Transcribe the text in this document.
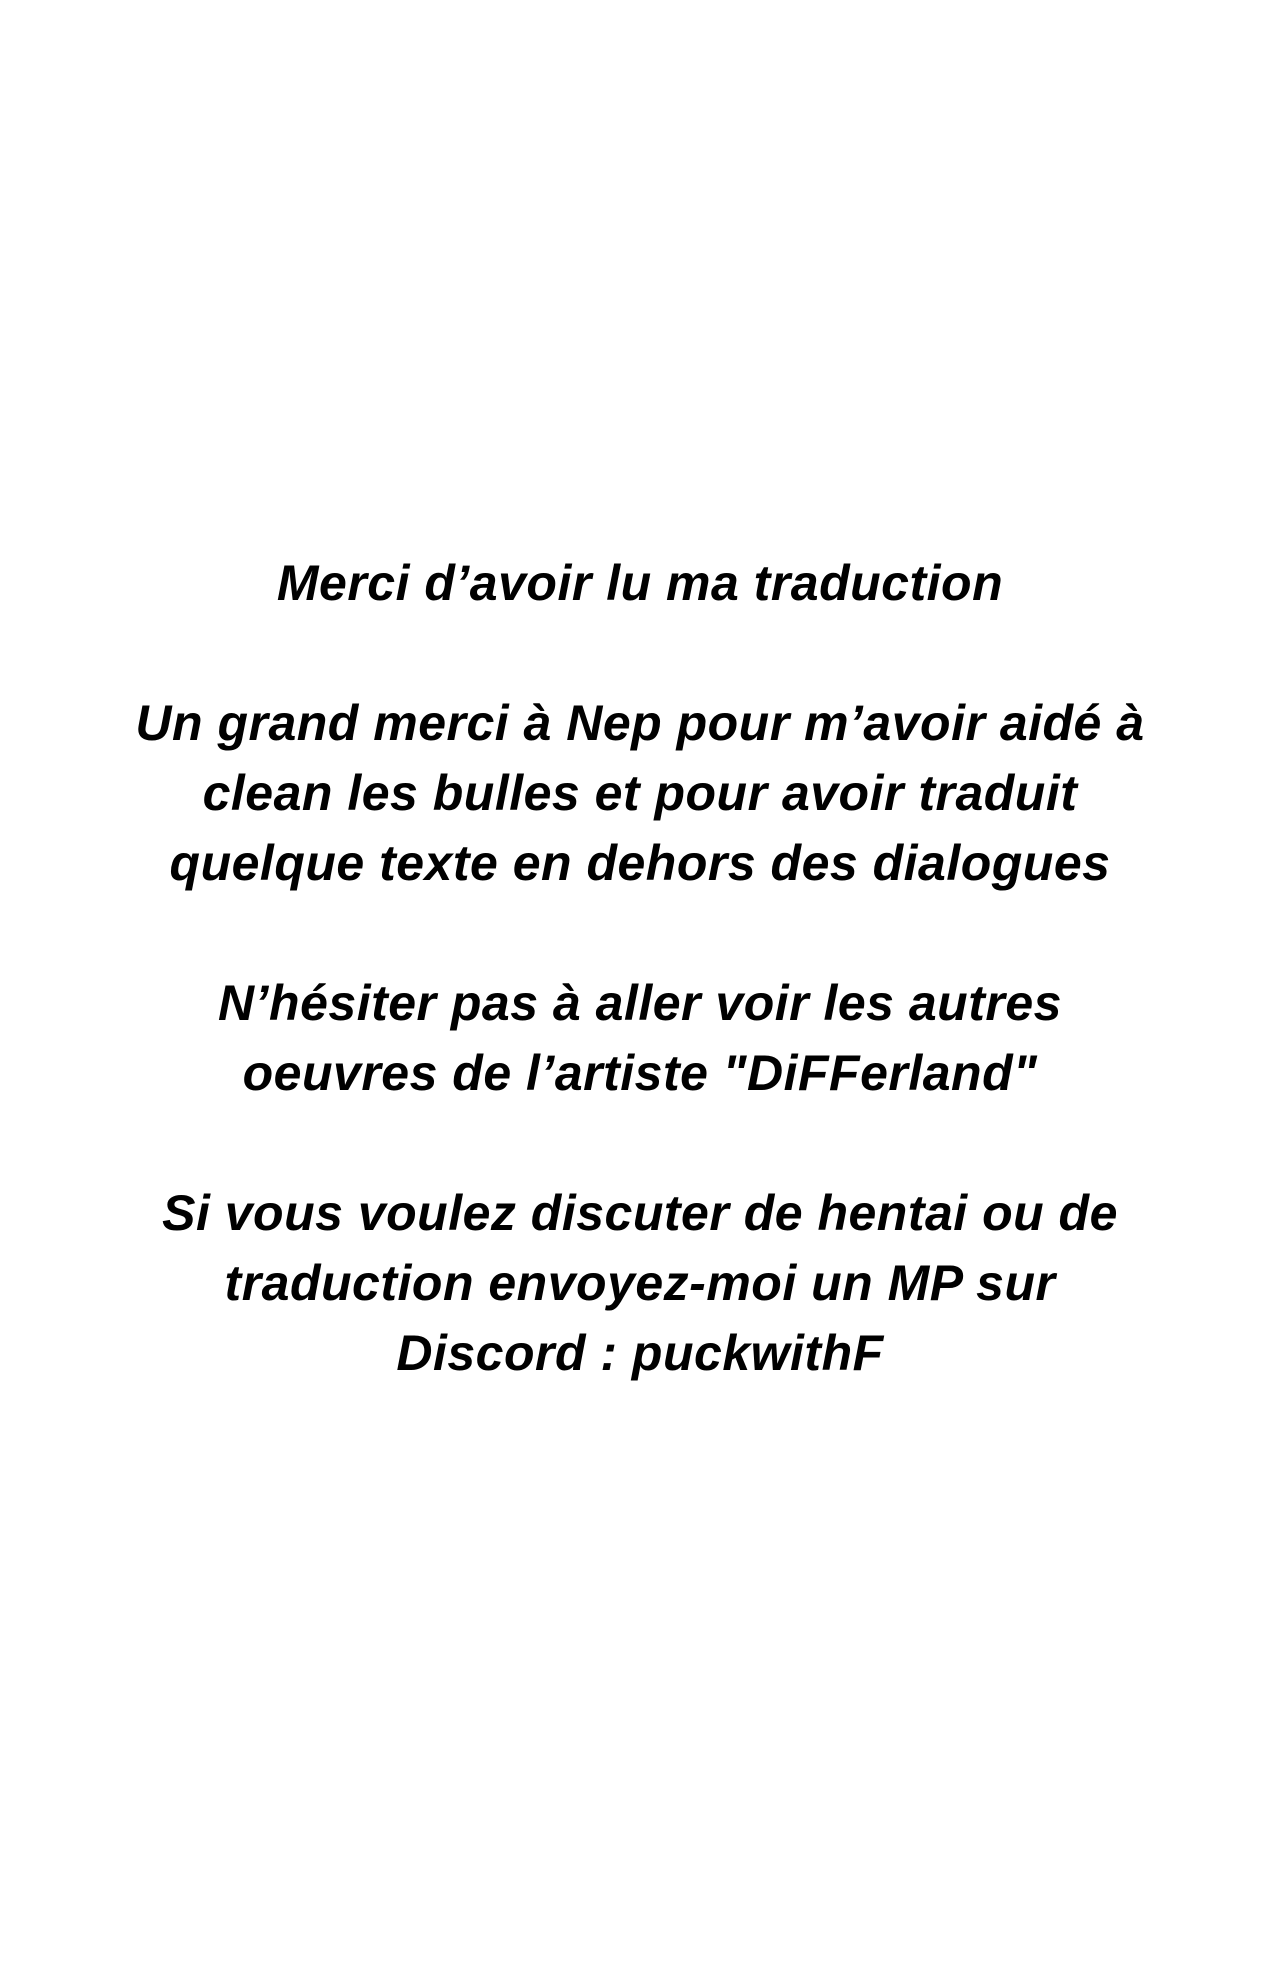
Merci d’avoir lu ma traduction

Un grand merci à Nep pour m’avoir aidé à
clean les bulles et pour avoir traduit
quelque texte en dehors des dialogues

N’hésiter pas à aller voir les autres
oeuvres de l’artiste "DiFFerland"

Si vous voulez discuter de hentai ou de
traduction envoyez-moi un MP sur
Discord : puckwithF
